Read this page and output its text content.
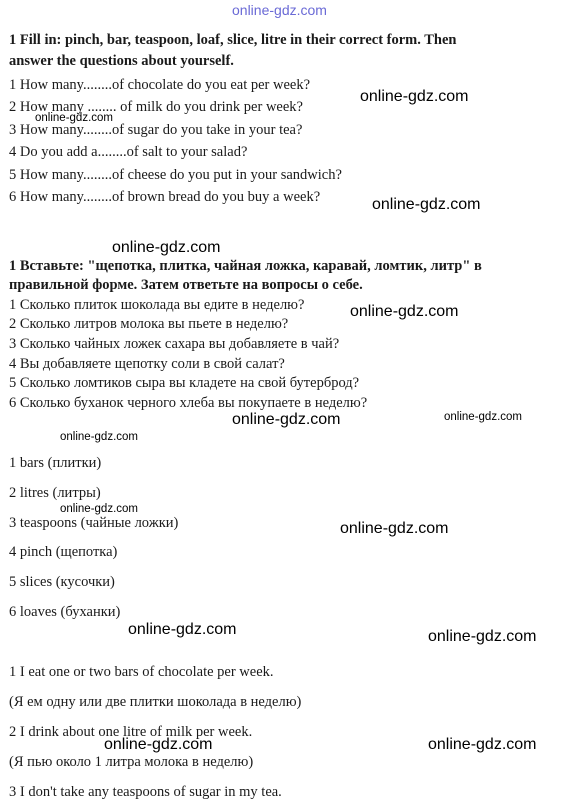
online-gdz.com
1 Fill in: pinch, bar, teaspoon, loaf, slice, litre in their correct form. Then
answer the questions about yourself.
1 How many........of chocolate do you eat per week?
2 How many ........ of milk do you drink per week?
3 How many........of sugar do you take in your tea?
4 Do you add a........of salt to your salad?
5 How many........of cheese do you put in your sandwich?
6 How many........of brown bread do you buy a week?
1 Вставьте: "щепотка, плитка, чайная ложка, каравай, ломтик, литр" в
правильной форме. Затем ответьте на вопросы о себе.
1 Сколько плиток шоколада вы едите в неделю?
2 Сколько литров молока вы пьете в неделю?
3 Сколько чайных ложек сахара вы добавляете в чай?
4 Вы добавляете щепотку соли в свой салат?
5 Сколько ломтиков сыра вы кладете на свой бутерброд?
6 Сколько буханок черного хлеба вы покупаете в неделю?
1 bars (плитки)
2 litres (литры)
3 teaspoons (чайные ложки)
4 pinch (щепотка)
5 slices (кусочки)
6 loaves (буханки)
1 I eat one or two bars of chocolate per week.
(Я ем одну или две плитки шоколада в неделю)
2 I drink about one litre of milk per week.
(Я пью около 1 литра молока в неделю)
3 I don't take any teaspoons of sugar in my tea.
online-gdz.com
online-gdz.com
online-gdz.com
online-gdz.com
online-gdz.com
online-gdz.com	online-gdz.com
online-gdz.com
online-gdz.com
online-gdz.com
online-gdz.com	online-gdz.com
online-gdz.com	online-gdz.com
